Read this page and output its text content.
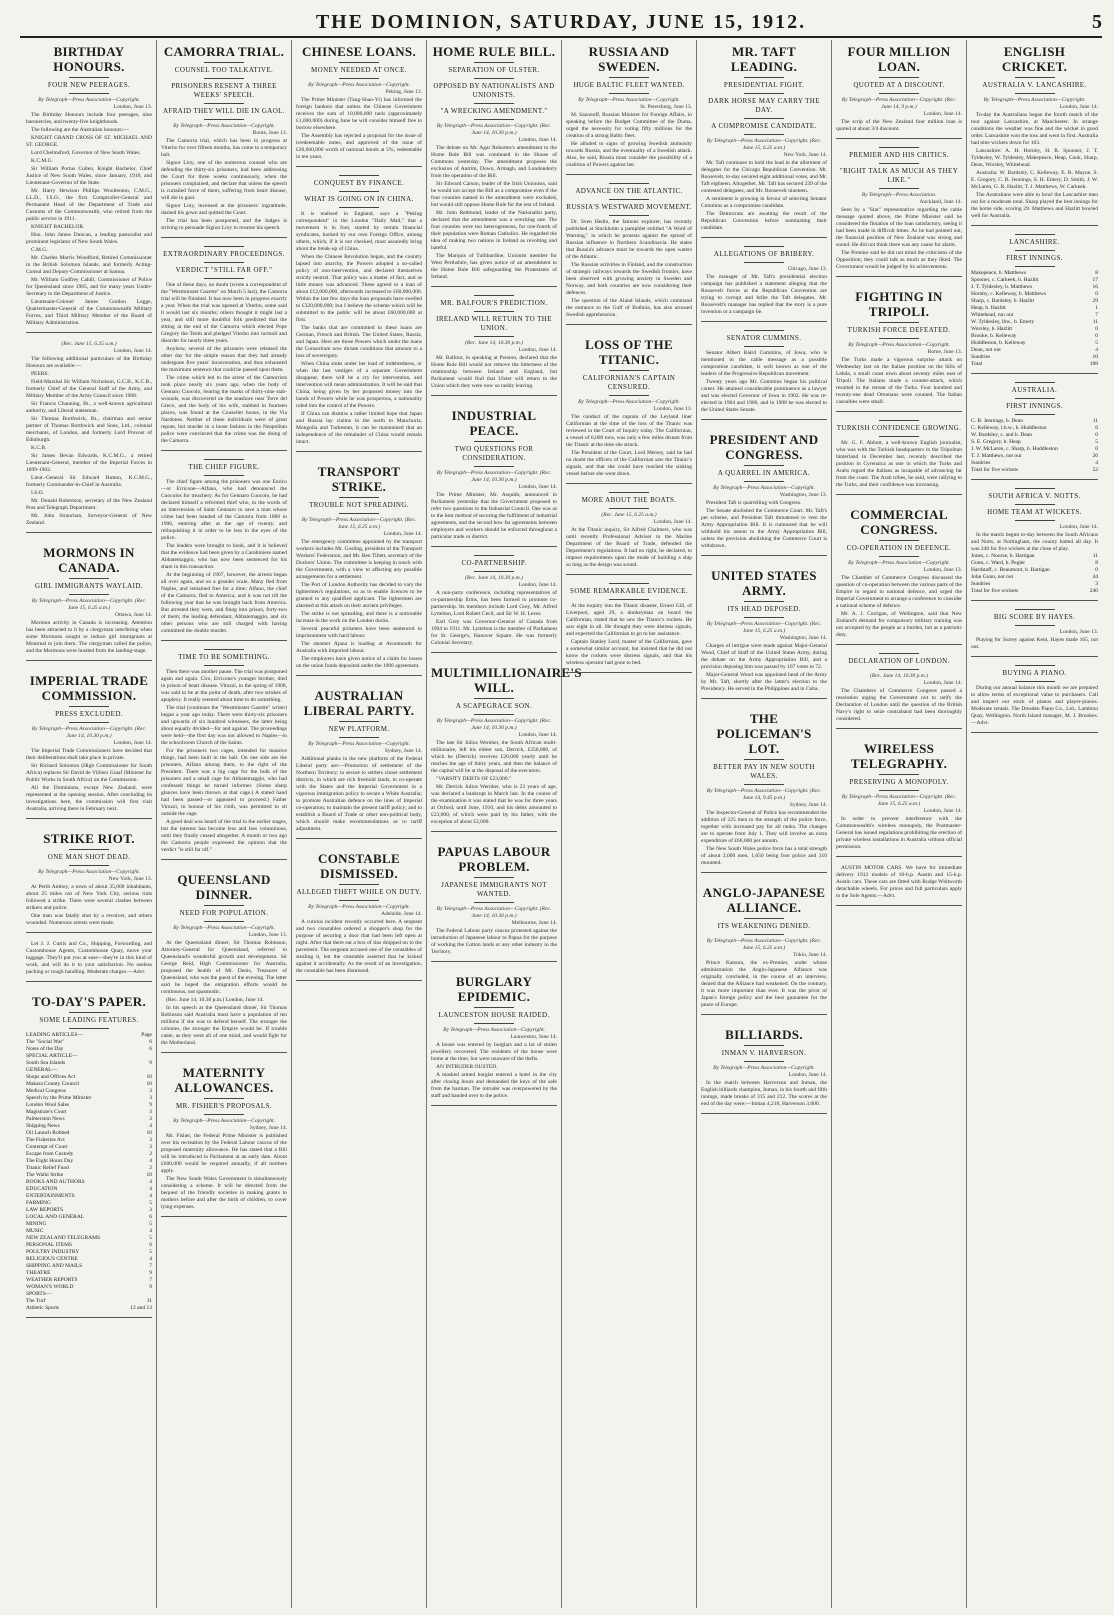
THE DOMINION, SATURDAY, JUNE 15, 1912.	5
BIRTHDAY HONOURS.
FOUR NEW PEERAGES.
By Telegraph—Press Association—Copyright.
London, June 13.
The Birthday Honours include four peerages, nine baronetcies, and twenty-five knighthoods.
The following are the Australian honours:—
KNIGHT GRAND CROSS OF ST. MICHAEL AND ST. GEORGE.
Lord Chelmsford, Governor of New South Wales.
K.C.M.G.
Sir William Portus Cullen, Knight Bachelor, Chief Justice of New South Wales, since January, 1910, and Lieutenant-Governor of the State.
Mr. Harry Hewison Phillips Wooltenton, C.M.G., LL.D., I.S.O., the first Comptroller-General and Permanent Head of the Department of Trade and Customs of the Commonwealth, who retired from the public service in 1911.
KNIGHT BACHELOR.
Hon. John James Duncan, a leading pastoralist and prominent legislator of New South Wales.
C.M.G.
Mr. Charles Morris Woodford, Retired Commissioner in the British Solomon Islands, and formerly Acting-Consul and Deputy-Commissioner at Samoa.
Mr. William Godfrey Cahill, Commissioner of Police for Queensland since 1905, and for many years Under-Secretary to the Department of Justice.
Lieutenant-Colonel James Gordon Legge, Quartermaster-General of the Commonwealth Military Forces, and Third Military Member of the Board of Military Administration.
(Rec. June 15, 6.25 a.m.)
London, June 14.
The following additional particulars of the Birthday Honours are available:—
PEERS.
Field-Marshal Sir William Nicholson, G.C.B., K.C.B., formerly Chief of the General Staff of the Army, and Military Member of the Army Council since 1908.
Sir Francis Channing, Bt., a well-known agricultural authority, and Liberal statesman.
Sir Thomas Borthwick, Bt., chairman and senior partner of Thomas Borthwick and Sons, Ltd., colonial merchants, of London, and formerly Lord Provost of Edinburgh.
K.C.B.
Sir James Bevan Edwards, K.C.M.G., a retired Lieutenant-General, member of the Imperial Forces in 1899-1902.
Lieut.-General Sir Edward Hutton, K.C.M.G., formerly Commander-in-Chief in Australia.
I.S.O.
Mr. Donald Robertson, secretary of the New Zealand Post and Telegraph Department.
Mr. John Strauchan, Surveyor-General of New Zealand.
MORMONS IN CANADA.
GIRL IMMIGRANTS WAYLAID.
By Telegraph—Press Association—Copyright. (Rec. June 15, 6.25 a.m.)
Ottawa, June 14.
Mormon activity in Canada is increasing. Attention has been attracted to it by a clergyman interfering when some Mormons sought to induce girl immigrants at Montreal to join them. The clergyman called the police, and the Mormons were hustled from the landing-stage.
IMPERIAL TRADE COMMISSION.
PRESS EXCLUDED.
By Telegraph—Press Association—Copyright. (Rec. June 14, 10.30 p.m.)
London, June 14.
The Imperial Trade Commissioners have decided that their deliberations shall take place in private.
Sir Richard Solomon (High Commissioner for South Africa) replaces Sir David de Villiers Graaf (Minister for Public Works in South Africa) on the Commission.
All the Dominions, except New Zealand, were represented at the opening session. After concluding its investigations here, the commission will first visit Australia, arriving there in February next.
STRIKE RIOT.
ONE MAN SHOT DEAD.
By Telegraph—Press Association—Copyright.
New York, June 13.
At Perth Amboy, a town of about 35,000 inhabitants, about 25 miles out of New York City, serious riots followed a strike. There were several clashes between strikers and police.
One man was fatally shot by a revolver, and others wounded. Numerous arrests were made.
Let J. J. Curtis and Co., Shipping, Forwarding, and Customhouse Agents, Customhouse Quay, move your luggage. They'll put you at ease—they're in this kind of work, and will do it to your satisfaction. No useless packing or rough handling. Moderate charges.—Advt.
TO-DAY'S PAPER.
SOME LEADING FEATURES.
LEADING ARTICLES—	Page
The "Social War"	6
Notes of the Day	6
SPECIAL ARTICLE—
South Sea Islands	9
GENERAL—
Shops and Offices Act	10
Makara County Council	10
Medical Congress	3
Speech by the Prime Minister	3
London Wool Sales	9
Magistrate's Court	3
Palmerston News	3
Shipping News	4
Oil Launch Robbed	10
The Fisheries Act	3
Contempt of Court	3
Escape from Custody	2
The Eight Hours Day	4
Titanic Relief Fund	2
The Waihi Strike	10
BOOKS AND AUTHORS	4
EDUCATION	4
ENTERTAINMENTS	4
FARMING	5
LAW REPORTS	3
LOCAL AND GENERAL	6
MINING	5
MUSIC	4
NEW ZEALAND TELEGRAMS	5
PERSONAL ITEMS	6
POULTRY INDUSTRY	5
RELIGIOUS CENTRE	4
SHIPPING AND MAILS	7
THEATRE	9
WEATHER REPORTS	7
WOMAN'S WORLD	9
SPORTS—
The Turf	11
Athletic Sports	12 and 13
CAMORRA TRIAL.
COUNSEL TOO TALKATIVE.
PRISONERS RESENT A THREE WEEKS' SPEECH.
AFRAID THEY WILL DIE IN GAOL.
By Telegraph—Press Association—Copyright.
Rome, June 13.
The Camorra trial, which has been in progress at Viterbo for over fifteen months, has come to a temporary halt.
Signor Lioy, one of the numerous counsel who are defending the thirty-six prisoners, had been addressing the Court for three weeks continuously, when the prisoners complained, and declare that unless the speech is curtailed force of them, suffering from heart disease, will die in gaol.
Signor Lioy, incensed at the prisoners' ingratitude, dashed his gown and quitted the Court.
The trial has been postponed, and the Judges is striving to persuade Signor Lioy to resume his speech.
EXTRAORDINARY PROCEEDINGS.
VERDICT "STILL FAR OFF."
One of these days, no doubt (wrote a correspondent of the "Westminster Gazette" on March 5 last), the Camorra trial will be finished. It has now been in progress exactly a year. When the trial was opened at Viterbo, some said it would last six months; others thought it might last a year, and still more doubtful folk predicted that the sitting at the end of the Camorra which elected Pope Gregory the Tenth and pledged Viterbo into turmoil and disorder for nearly three years.
Anyhow, several of the prisoners were released the other day for the simple reason that they had already undergone five years' incarceration, and thus exhausted the maximum sentence that could be passed upon them.
The crime which led to the arrest of the Camorrists took place nearly six years ago, when the body of Gennaro Cuocolo, bearing the marks of thirty-nine stab-wounds, was discovered on the seashore near Torre del Greco, and the body of his wife, stabbed in fourteen places, was found at the Couseiler house, in the Via Nardones. Neither of these individuals were of great repute, but murder in a loose fashion in the Neapolitan police were convinced that the crime was the doing of the Camorra.
THE CHIEF FIGURE.
The chief figure among the prisoners was one Enrico—or Erricone—Alfano, who had denounced the Cuocolos for treachery. As for Gennaro Cuocolo, he had declared himself a reformed thief who, in the words of an intercession of Saint Gennaro to save a man whose crime had been handed of the Camorra from 1880 to 1906, entering after at the age of twenty, and relinquishing it in order to be less in the eyes of the police.
The leaders were brought to book, and it is believed that the evidence had been given by a Carabiniere named Abbatemaggio, who has now been sentenced for his share in this transaction.
At the beginning of 1907, however, the arrests began all over again, and on a grander scale. Many fled from Naples, and remained free for a time; Alfano, the chief of the Camorra, fled to America, and it was not till the following year that he was brought back from America. But arrested they were, and flung into prison, forty-two of them; the leading defendant, Abbatemaggio, and six other persons who are still charged with having committed the double murder.
TIME TO BE SOMETHING.
Then there was another pause. The trial was postponed again and again. Ciro, Erricone's younger brother, died in prison of heart disease. Vitozzi, in the spring of 1908, was said to be at the point of death, after two strokes of apoplexy. It really seemed about time to do something.
The trial (continues the "Westminster Gazette" writer) began a year ago today. There were thirty-six prisoners and upwards of six hundred witnesses, the latter being about equally divided—for and against. The proceedings were held—the first day was not allowed to Naples—in the schoolroom Church of the Saints.
For the prisoners two cages, intended for massive things, had been built in the hall. On one side are the prisoners, Alfano among them, to the right of the President. There was a big cage for the bulk of the prisoners and a small cage for Abbatemaggio, who had confessed things he turned informer. (Some sharp glances have been thrown at that cage.) A stated hand had been passed—or appeared to proceed.) Father Vitozzi, in honour of his cloth, was permitted to sit outside the cage.
A good deal was heard of the trial in the earlier stages, but the interest has become less and less voluminous, until they finally ceased altogether. A month or two ago the Camorra people expressed the opinion that the verdict "is still far off."
QUEENSLAND DINNER.
NEED FOR POPULATION.
By Telegraph—Press Association—Copyright.
London, June 13.
At the Queensland dinner, Sir Thomas Robinson, Attorney-General for Queensland, referred to Queensland's wonderful growth and development. Sir George Reid, High Commissioner for Australia, proposed the health of Mr. Denis, Treasurer of Queensland, who was the guest of the evening. The latter said he hoped the emigration efforts would be continuous, not spasmodic.
(Rec. June 14, 10.30 p.m.) London, June 14.
In his speech at the Queensland dinner, Sir Thomas Robinson said Australia must have a population of ten millions if she was to defend herself. The stronger the colonies, the stronger the Empire would be. If trouble came, as they were all of one mind, and would fight for the Motherland.
MATERNITY ALLOWANCES.
MR. FISHER'S PROPOSALS.
By Telegraph—Press Association—Copyright.
Sydney, June 14.
Mr. Fisher, the Federal Prime Minister is published over his recreation by the Federal Labour caucus of the proposed maternity allowance. He has stated that a Bill will be introduced in Parliament at an early date. About £600,000 would be required annually, if all mothers apply.
The New South Wales Government is simultaneously considering a scheme. It will be directed from the bequest of the friendly societies in making grants to mothers before and after the birth of children, to cover lying expenses.
CHINESE LOANS.
MONEY NEEDED AT ONCE.
By Telegraph—Press Association—Copyright.
Peking, June 13.
The Prime Minister (Tang-Shao-Yi) has informed the foreign bankers that unless the Chinese Government receives the sum of 10,000,000 taels (approximately £1,000,000) during June he will consider himself free to borrow elsewhere.
The Assembly has rejected a proposal for the issue of irredeemable notes, and approved of the issue of £20,000,000 worth of national bonds at 5%, redeemable in ten years.
CONQUEST BY FINANCE.
WHAT IS GOING ON IN CHINA.
It is realised in England, says a "Peking correspondent" in the London "Daily Mail," that a movement is in foot, started by certain financial syndicates, backed by our own Foreign Office, among others, which, if it is not checked, must assuredly bring about the break-up of China.
When the Chinese Revolution began, and the country lapsed into anarchy, the Powers adopted a so-called policy of non-intervention, and declared themselves strictly neutral. That policy was a matter of fact, and as little money was advanced. These agreed to a loan of about £12,000,000, afterwards increased to £60,000,000. Within the last few days the loan proposals have swelled to £320,000,000; but I believe the scheme which will be submitted to the public will be about £60,000,000 at first.
The banks that are committed to these loans are German, French and British. The United States, Russia, and Japan. Here are those Powers which under the loans the Consortium now dictate conditions that amount to a loss of sovereignty.
When China sinks under her load of indebtedness, or when the last vestiges of a separate Government disappear, there will be a cry for intervention, and intervention will mean administration. It will be said that China, being given by her proposed money into the hands of Powers while he was prosperous, a nationality ruled into the control of the Powers.
If China can dismiss a rather limited hope that Japan and Russia lay claims in the north to Manchuria, Mongolia and Turkestan, it can be maintained that an independence of the remainder of China would remain intact.
TRANSPORT STRIKE.
TROUBLE NOT SPREADING.
By Telegraph—Press Association—Copyright. (Rec. June 15, 6.25 a.m.)
London, June 14.
The emergency committee appointed by the transport workers includes Mr. Gosling, president of the Transport Workers' Federation, and Mr. Ben Tillett, secretary of the Dockers' Union. The committee is keeping in touch with the Government, with a view to affecting any possible arrangements for a settlement.
The Port of London Authority has decided to vary the lightermen's regulations, so as to enable licences to be granted to any qualified applicant. The lightermen are alarmed at this attack on their ancient privileges.
The strike is not spreading, and there is a noticeable increase in the work on the London docks.
Several peaceful picketers have been sentenced to imprisonment with hard labour.
The steamer Ajana is loading at Avonmouth for Australia with imported labour.
The employers have given notice of a claim for losses on the union funds deposited under the 1906 agreement.
AUSTRALIAN LIBERAL PARTY.
NEW PLATFORM.
By Telegraph—Press Association—Copyright.
Sydney, June 14.
Additional planks in the new platform of the Federal Liberal party are:—Promotion of settlement of the Northern Territory; to secure to settlers closer settlement districts, in which are rich freehold lands; to co-operate with the States and the Imperial Government in a vigorous immigration policy to secure a White Australia; to promote Australian defence on the lines of Imperial co-operation; to maintain the present tariff policy; and to establish a Board of Trade or other non-political body, which should make recommendations as to tariff adjustment.
CONSTABLE DISMISSED.
ALLEGED THEFT WHILE ON DUTY.
By Telegraph—Press Association—Copyright.
Adelaide, June 14.
A curious incident recently occurred here. A sergeant and two constables ordered a shopper's shop for the purpose of securing a door that had been left open at night. After that there eat a box of tins dropped on to the pavement. The sergeant accused one of the constables of stealing it, but the constable asserted that he kicked against it accidentally. As the result of an investigation, the constable has been dismissed.
HOME RULE BILL.
SEPARATION OF ULSTER.
OPPOSED BY NATIONALISTS AND UNIONISTS.
"A WRECKING AMENDMENT."
By Telegraph—Press Association—Copyright. (Rec. June 14, 10.30 p.m.)
London, June 14.
The debate on Mr. Agar Robartes's amendment to the Home Rule Bill was continued in the House of Commons yesterday. The amendment proposes the exclusion of Antrim, Down, Armagh, and Londonderry from the operation of the Bill.
Sir Edward Carson, leader of the Irish Unionists, said he would not accept the Bill as a compromise even if the four counties named in the amendment were excluded, but would still oppose Home Rule for the rest of Ireland.
Mr. John Redmond, leader of the Nationalist party, declared that the amendment was a wrecking one. The four counties were too heterogeneous, for one-fourth of their population were Roman Catholics. He regarded the idea of making two nations in Ireland as revolting and hateful.
The Marquis of Tullibardine, Unionist member for West Perthshire, has given notice of an amendment to the Home Rule Bill safeguarding the Protestants of Ireland.
MR. BALFOUR'S PREDICTION.
IRELAND WILL RETURN TO THE UNION.
(Rec. June 14, 10.30 p.m.)
London, June 14.
Mr. Balfour, in speaking at Preston, declared that the Home Rule Bill would not remove the bitterness of the relationship between Ireland and England, but Parliament would find that Ulster will return to the Union which they were now so rashly leaving.
INDUSTRIAL PEACE.
TWO QUESTIONS FOR CONSIDERATION.
By Telegraph—Press Association—Copyright. (Rec. June 14, 10.30 p.m.)
London, June 14.
The Prime Minister, Mr. Asquith, announced in Parliament yesterday that the Government proposed to refer two questions to the Industrial Council. One was as to the best method of securing the fulfilment of industrial agreements, and the second how far agreements between employers and workers should be enforced throughout a particular trade or district.
CO-PARTNERSHIP.
(Rec. June 14, 10.30 p.m.)
London, June 14.
A non-party conference, including representatives of co-partnership firms, has been formed to promote co-partnership. Its members include Lord Grey, Mr. Alfred Lyttelton, Lord Robert Cecil, and Sir W. H. Lever.
Earl Grey was Governor-General of Canada from 1904 to 1911. Mr. Lyttelton is the member of Parliament for St. George's, Hanover Square. He was formerly Colonial Secretary.
MULTIMILLIONAIRE'S WILL.
A SCAPEGRACE SON.
By Telegraph—Press Association—Copyright. (Rec. June 14, 10.30 p.m.)
London, June 14.
The late Sir Julius Wernher, the South African multi-millionaire, left his eldest son, Derrick, £250,000, of which he (Derrick) receives £20,000 yearly until he reaches the age of thirty years, and then the balance of the capital will be at the disposal of the executors.
"VARSITY DEBTS OF £23,000."
Mr. Derrick Julius Wernher, who is 23 years of age, was declared a bankrupt in March last. In the course of the examination it was stated that he was for three years at Oxford, until June, 1910, and his debts amounted to £23,000, of which were paid by his father, with the exception of about £2,000.
PAPUAS LABOUR PROBLEM.
JAPANESE IMMIGRANTS NOT WANTED.
By Telegraph—Press Association—Copyright. (Rec. June 14, 10.30 p.m.)
Melbourne, June 14.
The Federal Labour party caucus protested against the introduction of Japanese labour to Papua for the purpose of working the Cotton lands or any other industry in the Territory.
BURGLARY EPIDEMIC.
LAUNCESTON HOUSE RAIDED.
By Telegraph—Press Association—Copyright.
Launceston, June 14.
A house was entered by burglars and a lot of stolen jewellery recovered. The residents of the house were home at the time, but were unaware of the thefts.
AN INTRUDER OUSTED.
A masked armed burglar entered a hotel in the city after closing hours and demanded the keys of the safe from the barman. The intruder was overpowered by the staff and handed over to the police.
RUSSIA AND SWEDEN.
HUGE BALTIC FLEET WANTED.
By Telegraph—Press Association—Copyright.
St. Petersburg, June 13.
M. Sazonoff, Russian Minister for Foreign Affairs, in speaking before the Budget Committee of the Duma, urged the necessity for voting fifty millions for the creation of a strong Baltic fleet.
He alluded to signs of growing Swedish animosity towards Russia, and the eventuality of a Swedish attack. Also, he said, Russia must consider the possibility of a coalition of Powers against her.
ADVANCE ON THE ATLANTIC.
RUSSIA'S WESTWARD MOVEMENT.
Dr. Sven Hedin, the famous explorer, has recently published at Stockholm a pamphlet entitled "A Word of Warning," in which he protests against the spread of Russian influence in Northern Scandinavia. He states that Russia's advance must be towards the open waters of the Atlantic.
The Russian activities in Finland, and the construction of strategic railways towards the Swedish frontier, have been observed with growing anxiety in Sweden and Norway, and both countries are now considering their defences.
The question of the Aland Islands, which command the entrance to the Gulf of Bothnia, has also aroused Swedish apprehension.
LOSS OF THE TITANIC.
CALIFORNIAN'S CAPTAIN CENSURED.
By Telegraph—Press Association—Copyright.
London, June 13.
The conduct of the captain of the Leyland liner Californian at the time of the loss of the Titanic was reviewed in the Court of Inquiry today. The Californian, a vessel of 6,000 tons, was only a few miles distant from the Titanic at the time she struck.
The President of the Court, Lord Mersey, said he had no doubt the officers of the Californian saw the Titanic's signals, and that she could have reached the sinking vessel before she went down.
MORE ABOUT THE BOATS.
(Rec. June 15, 6.25 a.m.)
London, June 14.
At the Titanic inquiry, Sir Alfred Chalmers, who was until recently Professional Adviser to the Marine Department of the Board of Trade, defended the Department's regulations. It had no right, he declared, to impose requirements upon the mode of building a ship so long as the design was sound.
SOME REMARKABLE EVIDENCE.
At the inquiry into the Titanic disaster, Ernest Gill, of Liverpool, aged 29, a donkeyman on board the Californian, stated that he saw the Titanic's rockets. He saw eight in all. He thought they were distress signals, and expected the Californian to go to her assistance.
Captain Stanley Lord, master of the Californian, gave a somewhat similar account, but insisted that he did not know the rockets were distress signals, and that his wireless operator had gone to bed.
MR. TAFT LEADING.
PRESIDENTIAL FIGHT.
DARK HORSE MAY CARRY THE DAY.
A COMPROMISE CANDIDATE.
By Telegraph—Press Association—Copyright. (Rec. June 15, 6.25 a.m.)
New York, June 14.
Mr. Taft continues to hold the lead in the allotment of delegates for the Chicago Republican Convention. Mr. Roosevelt, to-day secured eight additional votes, and Mr. Taft eighteen. Altogether, Mr. Taft has secured 239 of the contested delegates, and Mr. Roosevelt nineteen.
A sentiment is growing in favour of selecting Senator Cummins as a compromise candidate.
The Democrats are awaiting the result of the Republican Convention before nominating their candidate.
ALLEGATIONS OF BRIBERY.
Chicago, June 13.
The manager of Mr. Taft's presidential election campaign has published a statement alleging that the Roosevelt forces at the Republican Convention are trying to corrupt and bribe the Taft delegates. Mr. Roosevelt's manager has replied that the story is a pure invention or a campaign lie.
SENATOR CUMMINS.
Senator Albert Baird Cummins, of Iowa, who is mentioned in the cable message as a possible compromise candidate, is well known as one of the leaders of the Progressive Republican movement.
Twenty years ago Mr. Cummins began his political career. He attained considerable prominence as a lawyer and was elected Governor of Iowa in 1902. He was re-elected in 1904 and 1906, and in 1908 he was elected to the United States Senate.
PRESIDENT AND CONGRESS.
A QUARREL IN AMERICA.
By Telegraph—Press Association—Copyright.
Washington, June 13.
President Taft is quarrelling with Congress.
The Senate abolished the Commerce Court. Mr. Taft's pet scheme, and President Taft threatened to veto the Army Appropriation Bill. It is rumoured that he will withhold his assent to the Army Appropriation Bill, unless the provision abolishing the Commerce Court is withdrawn.
UNITED STATES ARMY.
ITS HEAD DEPOSED.
By Telegraph—Press Association—Copyright. (Rec. June 15, 6.25 a.m.)
Washington, June 14.
Charges of intrigue were made against Major-General Wood, Chief of Staff of the United States Army, during the debate on the Army Appropriation Bill, and a provision deposing him was passed by 107 votes to 72.
Major-General Wood was appointed head of the Army by Mr. Taft, shortly after the latter's election to the Presidency. He served in the Philippines and in Cuba.
THE POLICEMAN'S LOT.
BETTER PAY IN NEW SOUTH WALES.
By Telegraph—Press Association—Copyright. (Rec. June 14, 9.45 p.m.)
Sydney, June 14.
The Inspector-General of Police has recommended the addition of 225 men to the strength of the police force, together with increased pay for all ranks. The changes are to operate from July 1. They will involve an extra expenditure of £66,000 per annum.
The New South Wales police force has a total strength of about 2,000 men, 1,650 being foot police and 310 mounted.
ANGLO-JAPANESE ALLIANCE.
ITS WEAKENING DENIED.
By Telegraph—Press Association—Copyright. (Rec. June 15, 6.25 a.m.)
Tokio, June 14.
Prince Katsura, the ex-Premier, under whose administration the Anglo-Japanese Alliance was originally concluded, in the course of an interview, denied that the Alliance had weakened. On the contrary, it was more important than ever. It was the pivot of Japan's foreign policy and the best guarantee for the peace of Europe.
BILLIARDS.
INMAN V. HARVERSON.
By Telegraph—Press Association—Copyright.
London, June 14.
In the match between Harverson and Inman, the English billiards champion, Inman, in his fourth and fifth innings, made breaks of 315 and 212. The scores at the end of the day were:—Inman 4,218, Harverson 3,600.
FOUR MILLION LOAN.
QUOTED AT A DISCOUNT.
By Telegraph—Press Association—Copyright. (Rec. June 14, 9 p.m.)
London, June 14.
The scrip of the New Zealand four million loan is quoted at about 3/4 discount.
PREMIER AND HIS CRITICS.
"RIGHT TALK AS MUCH AS THEY LIKE."
By Telegraph—Press Association.
Auckland, June 14.
Seen by a "Star" representative regarding the cable message quoted above, the Prime Minister said he considered the flotation of the loan satisfactory, seeing it had been made in difficult times. As he had pointed out, the financial position of New Zealand was strong and sound. He did not think there was any cause for alarm.
The Premier said he did not mind the criticisms of the Opposition; they could talk as much as they liked. The Government would be judged by its achievements.
FIGHTING IN TRIPOLI.
TURKISH FORCE DEFEATED.
By Telegraph—Press Association—Copyright.
Rome, June 13.
The Turks made a vigorous surprise attack on Wednesday last on the Italian position on the hills of Lebda, a small coast town about seventy miles east of Tripoli. The Italians made a counter-attack, which resulted in the retreat of the Turks. Four hundred and twenty-one dead Ottomans were counted. The Italian casualties were small.
TURKISH CONFIDENCE GROWING.
Mr. G. F. Abbott, a well-known English journalist, who was with the Turkish headquarters in the Tripolitan hinterland in December last, recently described the position in Cyrenaica as one in which the Turks and Arabs regard the Italians as incapable of advancing far from the coast. The Arab tribes, he said, were rallying to the Turks, and their confidence was increasing.
COMMERCIAL CONGRESS.
CO-OPERATION IN DEFENCE.
By Telegraph—Press Association—Copyright.
London, June 13.
The Chamber of Commerce Congress discussed the question of co-operation between the various parts of the Empire in regard to national defence, and urged the Imperial Government to arrange a conference to consider a national scheme of defence.
Mr. A. J. Corrigan, of Wellington, said that New Zealand's demand for compulsory military training was not accepted by the people as a burden, but as a patriotic duty.
DECLARATION OF LONDON.
(Rec. June 14, 10.30 p.m.)
London, June 14.
The Chambers of Commerce Congress passed a resolution urging the Government not to ratify the Declaration of London until the question of the British Navy's right to seize contraband had been thoroughly considered.
WIRELESS TELEGRAPHY.
PRESERVING A MONOPOLY.
By Telegraph—Press Association—Copyright. (Rec. June 15, 6.25 a.m.)
London, June 14.
In order to prevent interference with the Commonwealth's wireless monopoly, the Postmaster-General has issued regulations prohibiting the erection of private wireless installations in Australia without official permission.
AUSTIN MOTOR CARS. We have for immediate delivery 1912 models of 10-h.p. Austin and 15-h.p. Austin cars. These cars are fitted with Rudge Whitworth detachable wheels. For prices and full particulars apply to the Sole Agents.—Advt.
ENGLISH CRICKET.
AUSTRALIA V. LANCASHIRE.
By Telegraph—Press Association—Copyright.
London, June 14.
To-day the Australians began the fourth match of the tour against Lancashire, at Manchester. In strange conditions the weather was fine and the wicket in good order. Lancashire won the toss and went in first. Australia had nine wickets down for 103.
Lancashire: A. H. Hornby, H. R. Spooner, J. T. Tyldesley, W. Tyldesley, Makepeace, Heap, Cook, Sharp, Dean, Worsley, Whitehead.
Australia: W. Bardsley, C. Kelleway, E. R. Mayne, S. E. Gregory, C. B. Jennings, S. H. Emery, D. Smith, J. W. McLaren, G. R. Hazlitt, T. J. Matthews, W. Carkeek.
The Australians were able to bowl the Lancashire men out for a moderate total. Sharp played the best innings for the home side, scoring 29. Matthews and Hazlitt bowled well for Australia.
LANCASHIRE.
FIRST INNINGS.
Makepeace, b. Matthews	8
Spooner, c. Carkeek, b. Hazlitt	17
J. T. Tyldesley, b. Matthews	16
Hornby, c. Kelleway, b. Matthews	0
Sharp, c. Bardsley, b. Hazlitt	29
Heap, b. Hazlitt	1
Whitehead, run out	7
W. Tyldesley, lbw., b. Emery	11
Worsley, b. Hazlitt	0
Brooke, b. Kelleway	0
Huddleston, b. Kelleway	5
Dean, not out	4
Sundries	10
Total	108
AUSTRALIA.
FIRST INNINGS.
C. B. Jennings, b. Dean	11
C. Kelleway, l.b.w., b. Huddleston	6
W. Bardsley, c. and b. Dean	0
S. E. Gregory, b. Heap	5
J. W. McLaren, c. Sharp, b. Huddleston	0
T. J. Matthews, not out	26
Sundries	4
Total for five wickets	52
SOUTH AFRICA V. NOTTS.
HOME TEAM AT WICKETS.
London, June 14.
In the match begun to-day between the South Africans and Notts, at Nottingham, the county batted all day. It was 240 for five wickets at the close of play.
Jones, c. Nourse, b. Hartigan	11
Gunn, c. Ward, b. Pegler	8
Hardstaff, c. Beaumont, b. Hartigan	0
John Gunn, not out	44
Sundries	3
Total for five wickets	240
BIG SCORE BY HAYES.
London, June 13.
Playing for Surrey against Kent, Hayes made 165, not out.
BUYING A PIANO.
During our annual balance this month we are prepared to allow terms of exceptional value to purchasers. Call and inspect our stock of pianos and player-pianos. Moderate rentals. The Dresden Piano Co., Ltd., Lambton Quay, Wellington. North Island manager, M. J. Brookes.—Advt.
